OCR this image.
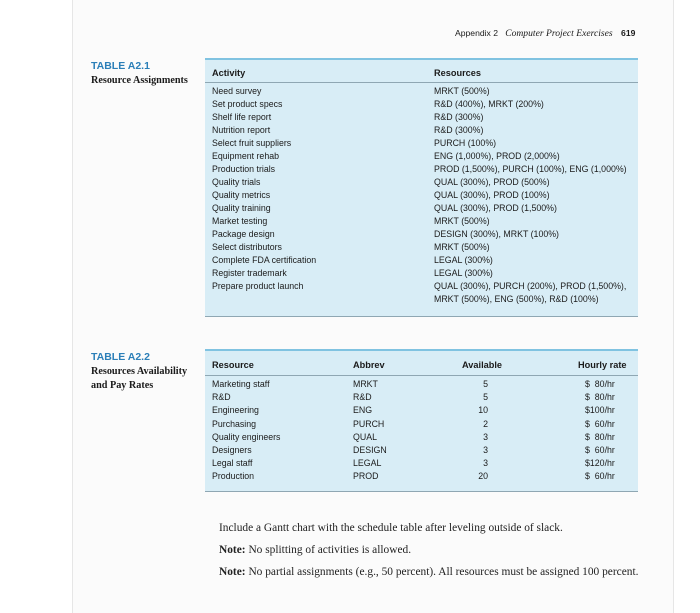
Appendix 2 Computer Project Exercises 619
TABLE A2.1
Resource Assignments
Activity	Resources
Need survey	MRKT (500%)
Set product specs	R&D (400%), MRKT (200%)
Shelf life report	R&D (300%)
Nutrition report	R&D (300%)
Select fruit suppliers	PURCH (100%)
Equipment rehab	ENG (1,000%), PROD (2,000%)
Production trials	PROD (1,500%), PURCH (100%), ENG (1,000%)
Quality trials	QUAL (300%), PROD (500%)
Quality metrics	QUAL (300%), PROD (100%)
Quality training	QUAL (300%), PROD (1,500%)
Market testing	MRKT (500%)
Package design	DESIGN (300%), MRKT (100%)
Select distributors	MRKT (500%)
Complete FDA certification	LEGAL (300%)
Register trademark	LEGAL (300%)
Prepare product launch	QUAL (300%), PURCH (200%), PROD (1,500%),
MRKT (500%), ENG (500%), R&D (100%)
TABLE A2.2
Resources Availability and Pay Rates
Resource	Abbrev	Available	Hourly rate
Marketing staff	MRKT	5	$  80/hr
R&D	R&D	5	$  80/hr
Engineering	ENG	10	$100/hr
Purchasing	PURCH	2	$  60/hr
Quality engineers	QUAL	3	$  80/hr
Designers	DESIGN	3	$  60/hr
Legal staff	LEGAL	3	$120/hr
Production	PROD	20	$  60/hr
Include a Gantt chart with the schedule table after leveling outside of slack.
Note: No splitting of activities is allowed.
Note: No partial assignments (e.g., 50 percent). All resources must be assigned 100 percent.
